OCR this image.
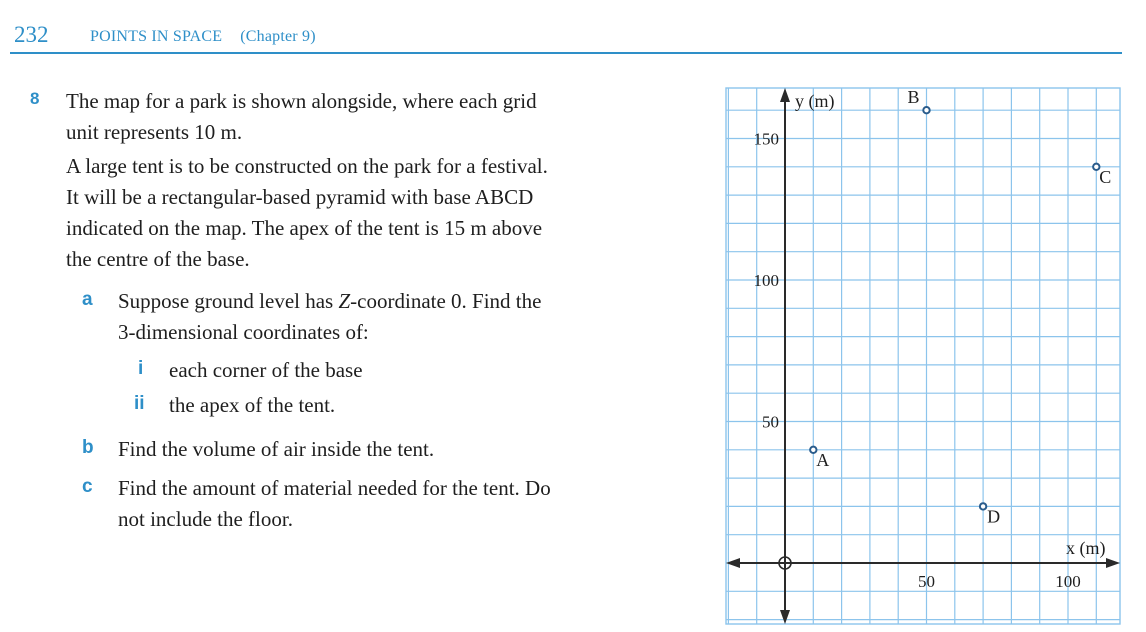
232	POINTS IN SPACE (Chapter 9)
8 The map for a park is shown alongside, where each grid
unit represents 10 m.
A large tent is to be constructed on the park for a festival.
It will be a rectangular-based pyramid with base ABCD
indicated on the map. The apex of the tent is 15 m above
the centre of the base.
a Suppose ground level has Z-coordinate 0. Find the
3-dimensional coordinates of:
i each corner of the base
ii the apex of the tent.
b Find the volume of air inside the tent.
c Find the amount of material needed for the tent. Do
not include the floor.
y (m)
x (m)
50	100
50
100
150
A
B
C
D
